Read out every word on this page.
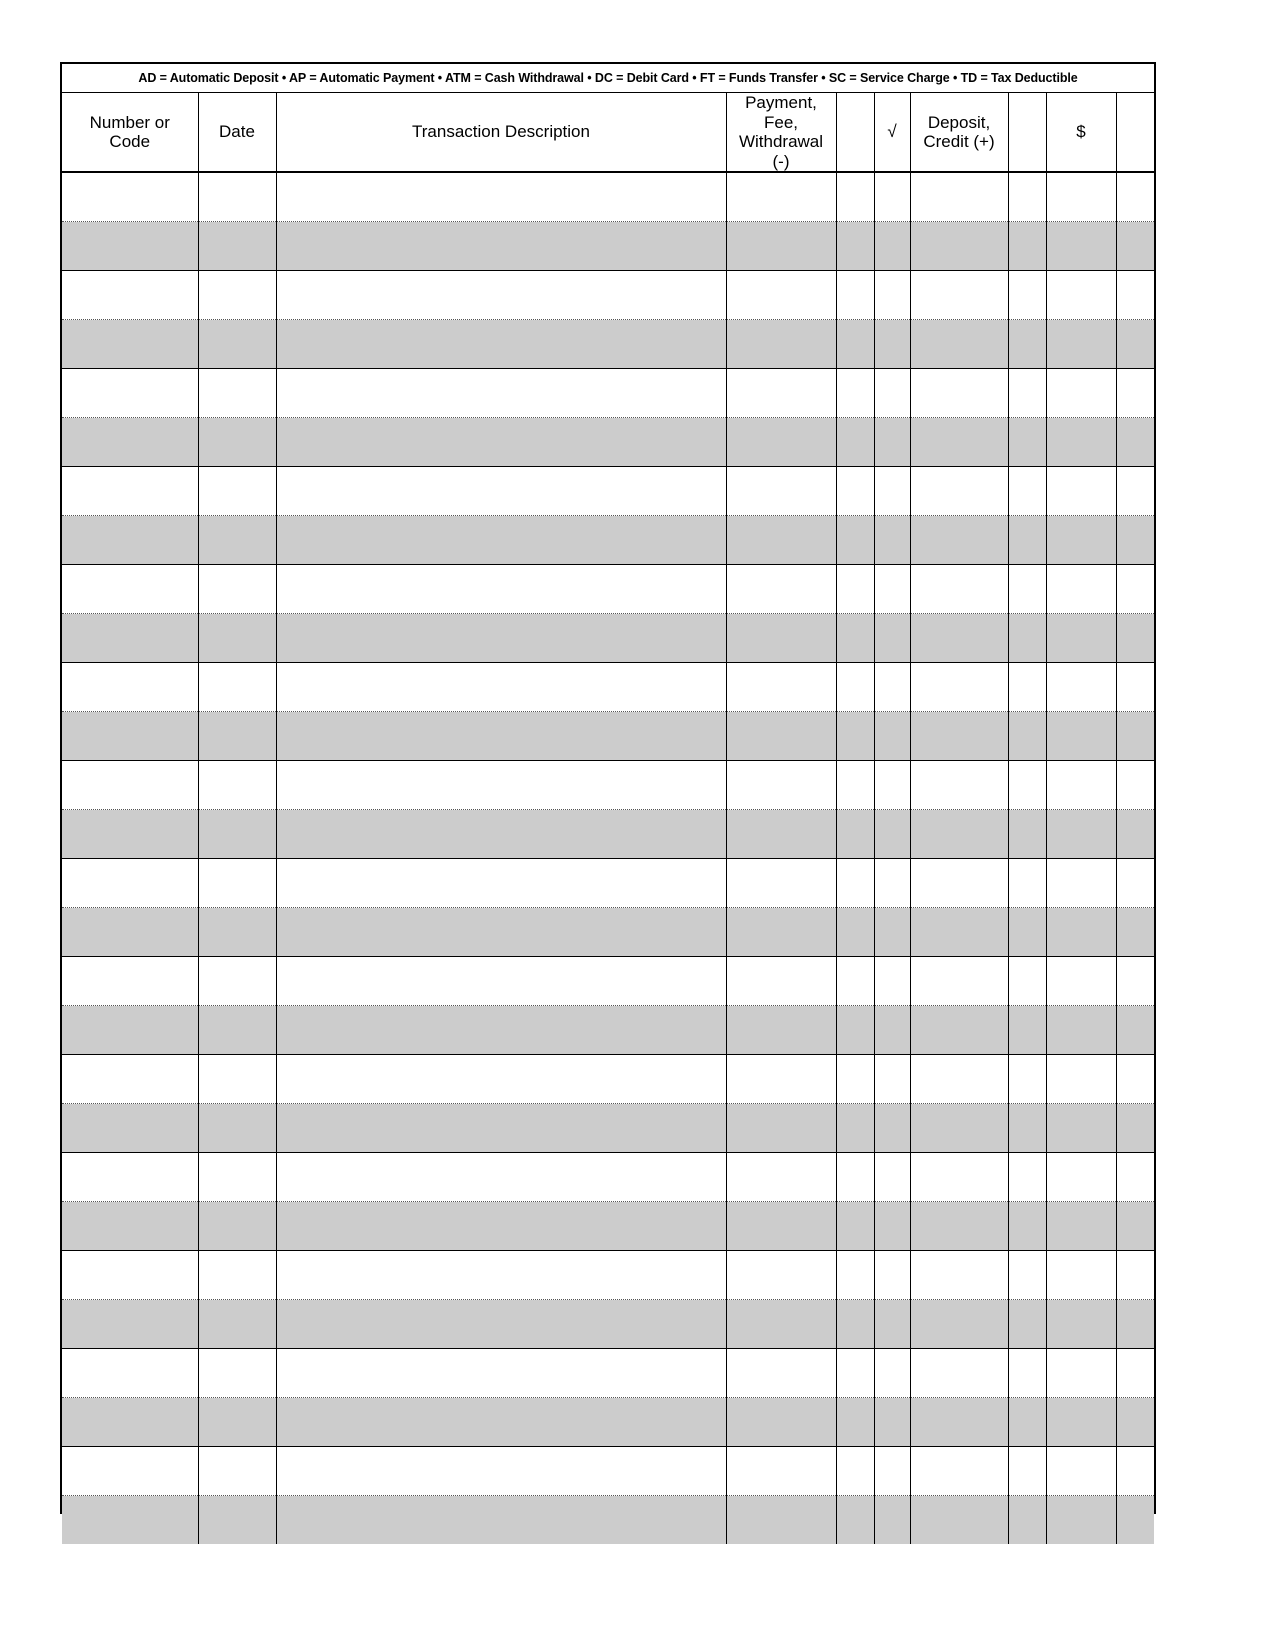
AD = Automatic Deposit • AP = Automatic Payment • ATM = Cash Withdrawal • DC = Debit Card • FT = Funds Transfer • SC = Service Charge • TD = Tax Deductible
Number or
Code	Date	Transaction Description	Payment, Fee,
Withdrawal (-)		√	Deposit,
Credit (+)		$	
